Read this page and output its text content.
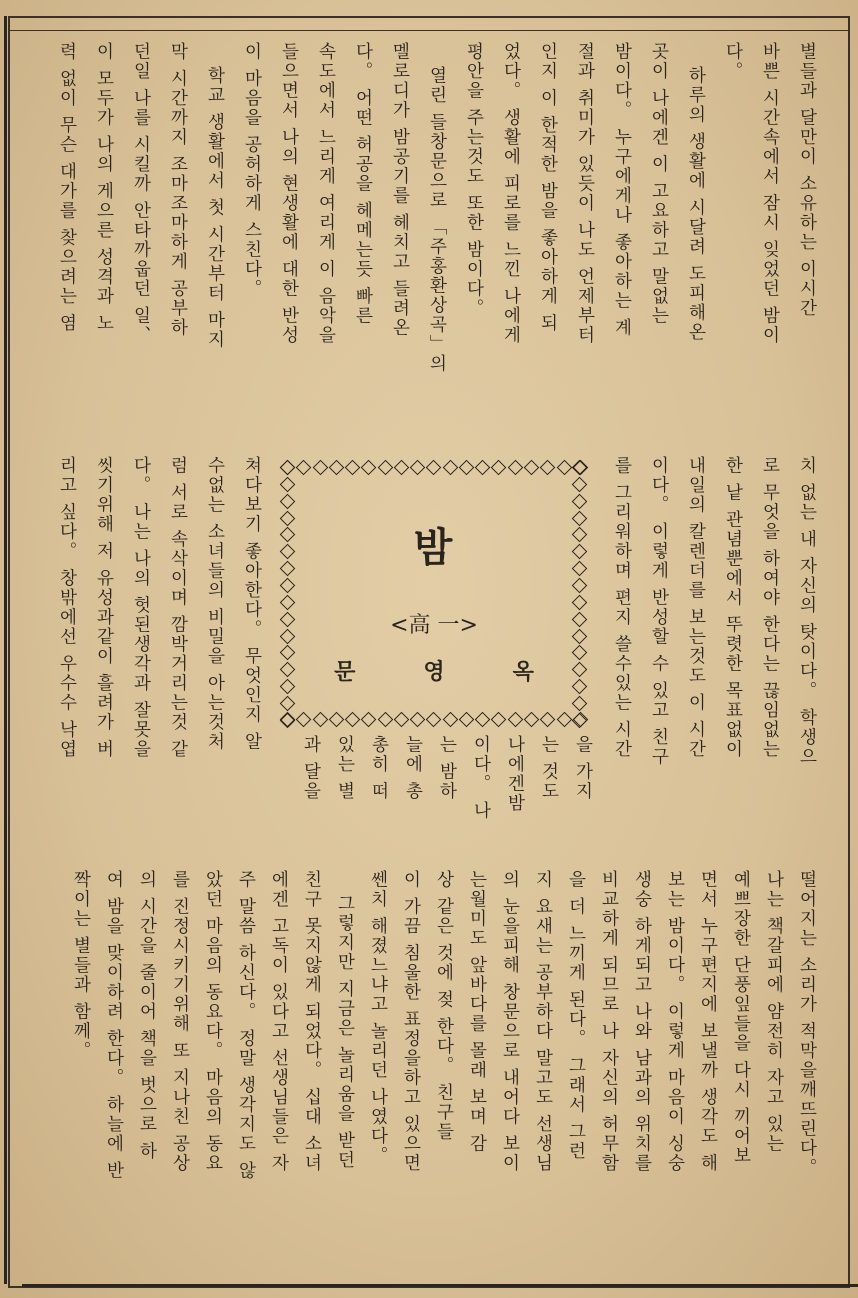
별들과 달만이 소유하는 이시간
바쁜 시간속에서 잠시 잊었던 밤이
다。
하루의 생활에 시달려 도피해온
곳이 나에겐 이 고요하고 말없는
밤이다。 누구에게나 좋아하는 계
절과 취미가 있듯이 나도 언제부터
인지 이 한적한 밤을 좋아하게 되
었다。 생활에 피로를 느낀 나에게
평안을 주는것도 또한 밤이다。
열린 들창문으로 「주홍환상곡」의
멜로디가 밤공기를 헤치고 들려온
다。 어떤 허공을 헤메는듯 빠른
속도에서 느리게 여리게 이 음악을
들으면서 나의 현생활에 대한 반성
이 마음을 공허하게 스친다。
학교 생활에서 첫 시간부터 마지
막 시간까지 조마조마하게 공부하
던일 나를 시킬까 안타까웁던 일、
이 모두가 나의 게으른 성격과 노
력 없이 무슨 대가를 찾으려는 염
치 없는 내 자신의 탓이다。 학생으
로 무엇을 하여야 한다는 끊임없는
한 낱 관념뿐에서 뚜렷한 목표없이
내일의 칼렌더를 보는것도 이 시간
이다。 이렇게 반성할 수 있고 친구
를 그리워하며 편지 쓸수있는 시간
밤
<高 一>
문	영	옥
을 가지
는 것도
나에겐밤
이다。 나
는 밤하
늘에 총
총히 떠
있는 별
과 달을
리고 싶다。 창밖에선 우수수 낙엽 씻기위해 저 유성과같이 흘려가 버 다。 나는 나의 헛된생각과 잘못을 럼 서로 속삭이며 깜박거리는것 같 수없는 소녀들의 비밀을 아는것처 쳐다보기 좋아한다。 무엇인지 알
떨어지는 소리가 적막을깨뜨린다。
나는 책갈피에 얌전히 자고 있는
예쁘장한 단풍잎들을 다시 끼어보
면서 누구편지에 보낼까 생각도 해
보는 밤이다。 이렇게 마음이 싱숭
생숭 하게되고 나와 남과의 위치를
비교하게 되므로 나 자신의 허무함
을 더 느끼게 된다。 그래서 그런
지 요새는 공부하다 말고도 선생님
의 눈을피해 창문으로 내어다 보이
는월미도 앞바다를 몰래 보며 감
상 같은 것에 젖 한다。 친구들
이 가끔 침울한 표정을하고 있으면
쎈치 해졌느냐고 놀리던 나였다。
그렇지만 지금은 놀리움을 받던
친구 못지않게 되었다。 십대 소녀
에겐 고독이 있다고 선생님들은 자
주 말씀 하신다。 정말 생각지도 않
았던 마음의 동요다。 마음의 동요
를 진정시키기위해 또 지나친 공상
의 시간을 줄이어 책을 벗으로 하
여 밤을 맞이하려 한다。 하늘에 반
짝이는 별들과 함께。
